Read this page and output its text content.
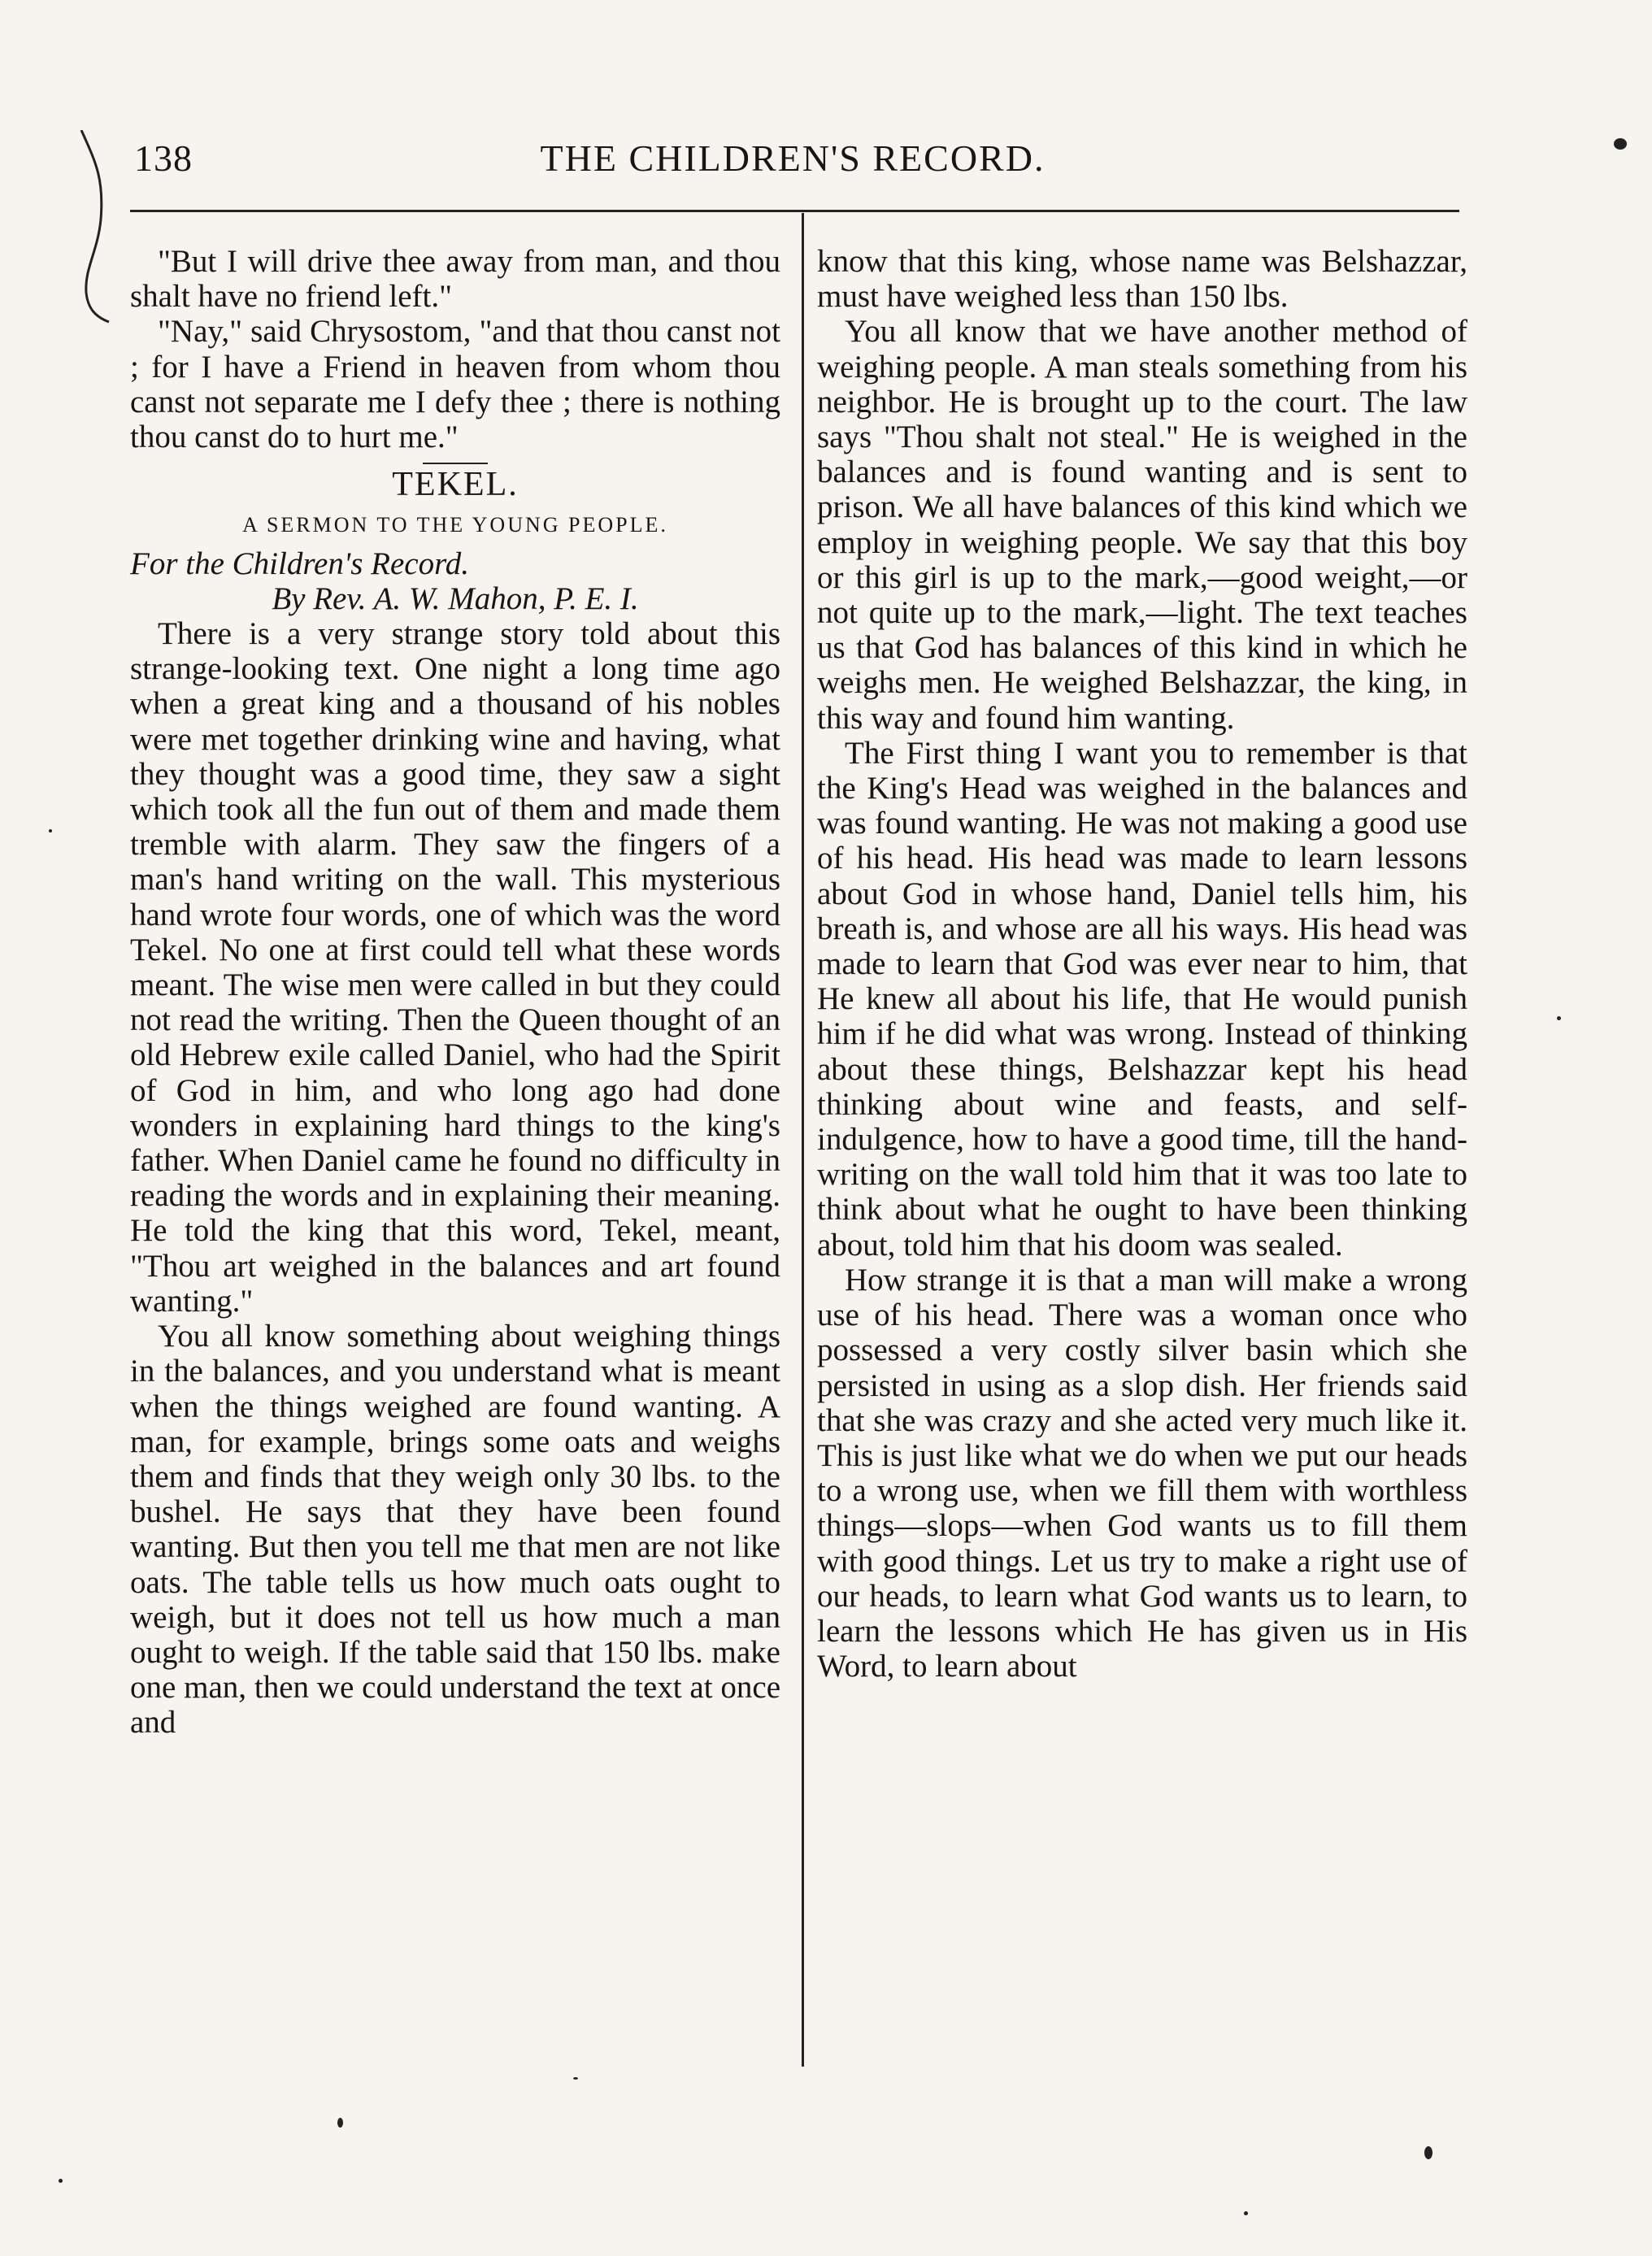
138	THE CHILDREN'S RECORD.

"But I will drive thee away from man, and thou shalt have no friend left."

"Nay," said Chrysostom, "and that thou canst not ; for I have a Friend in heaven from whom thou canst not separate me I defy thee ; there is nothing thou canst do to hurt me."

TEKEL.
A SERMON TO THE YOUNG PEOPLE.

For the Children's Record.

By Rev. A. W. Mahon, P. E. I.

There is a very strange story told about this strange-looking text. One night a long time ago when a great king and a thousand of his nobles were met together drinking wine and having, what they thought was a good time, they saw a sight which took all the fun out of them and made them tremble with alarm. They saw the fingers of a man's hand writing on the wall. This mysterious hand wrote four words, one of which was the word Tekel. No one at first could tell what these words meant. The wise men were called in but they could not read the writing. Then the Queen thought of an old Hebrew exile called Daniel, who had the Spirit of God in him, and who long ago had done wonders in explaining hard things to the king's father. When Daniel came he found no difficulty in reading the words and in explaining their meaning. He told the king that this word, Tekel, meant, "Thou art weighed in the balances and art found wanting."

You all know something about weighing things in the balances, and you understand what is meant when the things weighed are found wanting. A man, for example, brings some oats and weighs them and finds that they weigh only 30 lbs. to the bushel. He says that they have been found wanting. But then you tell me that men are not like oats. The table tells us how much oats ought to weigh, but it does not tell us how much a man ought to weigh. If the table said that 150 lbs. make one man, then we could understand the text at once and

know that this king, whose name was Belshazzar, must have weighed less than 150 lbs.

You all know that we have another method of weighing people. A man steals something from his neighbor. He is brought up to the court. The law says "Thou shalt not steal." He is weighed in the balances and is found wanting and is sent to prison. We all have balances of this kind which we employ in weighing people. We say that this boy or this girl is up to the mark,—good weight,—or not quite up to the mark,—light. The text teaches us that God has balances of this kind in which he weighs men. He weighed Belshazzar, the king, in this way and found him wanting.

The First thing I want you to remember is that the King's Head was weighed in the balances and was found wanting. He was not making a good use of his head. His head was made to learn lessons about God in whose hand, Daniel tells him, his breath is, and whose are all his ways. His head was made to learn that God was ever near to him, that He knew all about his life, that He would punish him if he did what was wrong. Instead of thinking about these things, Belshazzar kept his head thinking about wine and feasts, and self-indulgence, how to have a good time, till the hand-writing on the wall told him that it was too late to think about what he ought to have been thinking about, told him that his doom was sealed.

How strange it is that a man will make a wrong use of his head. There was a woman once who possessed a very costly silver basin which she persisted in using as a slop dish. Her friends said that she was crazy and she acted very much like it. This is just like what we do when we put our heads to a wrong use, when we fill them with worthless things—slops—when God wants us to fill them with good things. Let us try to make a right use of our heads, to learn what God wants us to learn, to learn the lessons which He has given us in His Word, to learn about
